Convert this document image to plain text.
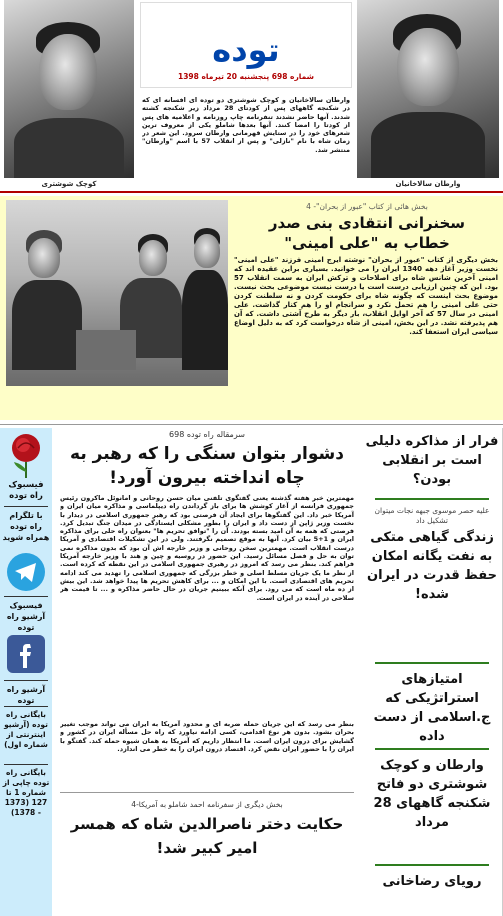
وارطان سالاخانیان
کوچک شوشتری
توده
شماره 698 پنجشنبه 20 تیرماه 1398
وارطان سالاخانیان و کوچک شوشتری دو توده ای افسانه ای که در شکنجه گاههای پس از کودتای 28 مرداد زیر شکنجه کشته شدند. آنها حاضر نشدند تنفرنامه چاپ روزنامه و اعلامیه های پس از کودتا را امضا کنند. آنها بعدها شاملو یکی از معروف ترین شعرهای خود را در ستایش قهرمانی وارطان سرود. این شعر در زمان شاه با نام "نازلی" و پس از انقلاب 57 با اسم "وارطان" منتشر شد.
بخش هائی از کتاب "عبور از بحران"- 4
سخنرانی انتقادی بنی صدر
خطاب به "علی امینی"
بخش دیگری از کتاب "عبور از بحران" نوشته ایرج امینی فرزند "علی امینی" نخست وزیر آغاز دهه 1340 ایران را می خوانید. بسیاری براین عقیده اند که امینی آخرین شانس شاه برای اصلاحات و ترکش ایران به سمت انقلاب 57 بود. این که چنین ارزیابی درست است یا درست نیست موضوعی بحث نیست. موضوع بحث اینست که چگونه شاه برای حکومت کردن و نه سلطنت کردن حتی علی امینی را هم تحمل نکرد و سرانجام او را هم کنار گذاشت. علی امینی در سال 57 که آخر اوایل انقلاب، بار دیگر به طرح آشتی داشت. که آن هم پذیرفته نشد. در این بخش، امینی از شاه درخواست کرد که به دلیل اوضاع سیاسی ایران استعفا کند.
فیسبوک راه توده
با تلگرام راه توده همراه شوید
فیسبوک آرشیو راه توده
آرشیو راه توده
بایگانی راه توده (آرشیو اینترنتی از شماره اول)
بایگانی راه توده چاپی از شماره 1 تا 127 (1373 - 1378)
سرمقاله راه توده 698
دشوار بتوان سنگی را که رهبر به چاه انداخته بیرون آورد!
مهمترین خبر هفته گذشته یعنی گفتگوی تلفنی میان حسن روحانی و امانوئل ماکرون رئیس جمهوری فرانسه از آغاز کوشش ها برای باز گرداندن راه دیپلماسی و مذاکره میان ایران و آمریکا خبر داد. این گفتگوها برای ایجاد آن فرصتی بود که رهبر جمهوری اسلامی در دیدار با نخست وزیر ژاپن از دست داد و ایران را بطور مشکلی ایستادگی در میدان جنگ تبدیل کرد. فرصتی که همه به آن امید بسته بودند. آن را "توافق تحریم ها" بعنوان راه حلی برای مذاکره ایران و 1+5 بیان کرد. آنها به موقع تصمیم نگرفتند. ولی در این تشکیلات اقتصادی و آمریکا درست انقلاب است. مهمترین سخن روحانی و وزیر خارجه اش آن بود که بدون مذاکره نمی توان به حل و فصل مسائل رسید. این حضور در روسیه و چین و هند با وزیر خارجه آمریکا فراهم کند. بنظر می رسد که امروز در رهبری جمهوری اسلامی در این نقطه که کرده است. از نظر ما یک جریان مسلط اصلی و خطر بزرگی که جمهوری اسلامی را تهدید می کند ادامه تحریم های اقتصادی است. با این امکان و ... برای کاهش تحریم ها پیدا خواهد شد. این بیش از ده ماه است که می رود. برای آنکه ببینیم جریان در حال حاضر مذاکره و ... تا قیمت هر سلاحی در آینده در ایران است.
بنظر می رسد که این جریان حمله ضربه ای و محدود آمریکا به ایران می تواند موجب تغییر بحران بشود. بدون هر نوع اقدامی، کسی ادامه نیاورد که راه حل مسأله ایران در کشور و گشایش برای درون ایران است. ما انتظار داریم که آمریکا به همان شیوه حمله کند. گفتگو با ایران را با حضور ایران نقض کرد. اقتصاد درون ایران را به خطر می اندازد.
بخش دیگری از سفرنامه احمد شاملو به آمریکا-4
حکایت دختر ناصرالدین شاه که همسر امیر کبیر شد!
فرار از مذاکره دلیلی است بر انقلابی بودن؟
علیه حصر موسوی جبهه نجات میتوان تشکیل داد
زندگی گیاهی متکی به نفت یگانه امکان حفظ قدرت در ایران شده!
امتیازهای استراتژیکی که ج.اسلامی از دست داده
وارطان و کوچک شوشتری دو فاتح شکنجه گاههای 28 مرداد
رویای رضاخانی
